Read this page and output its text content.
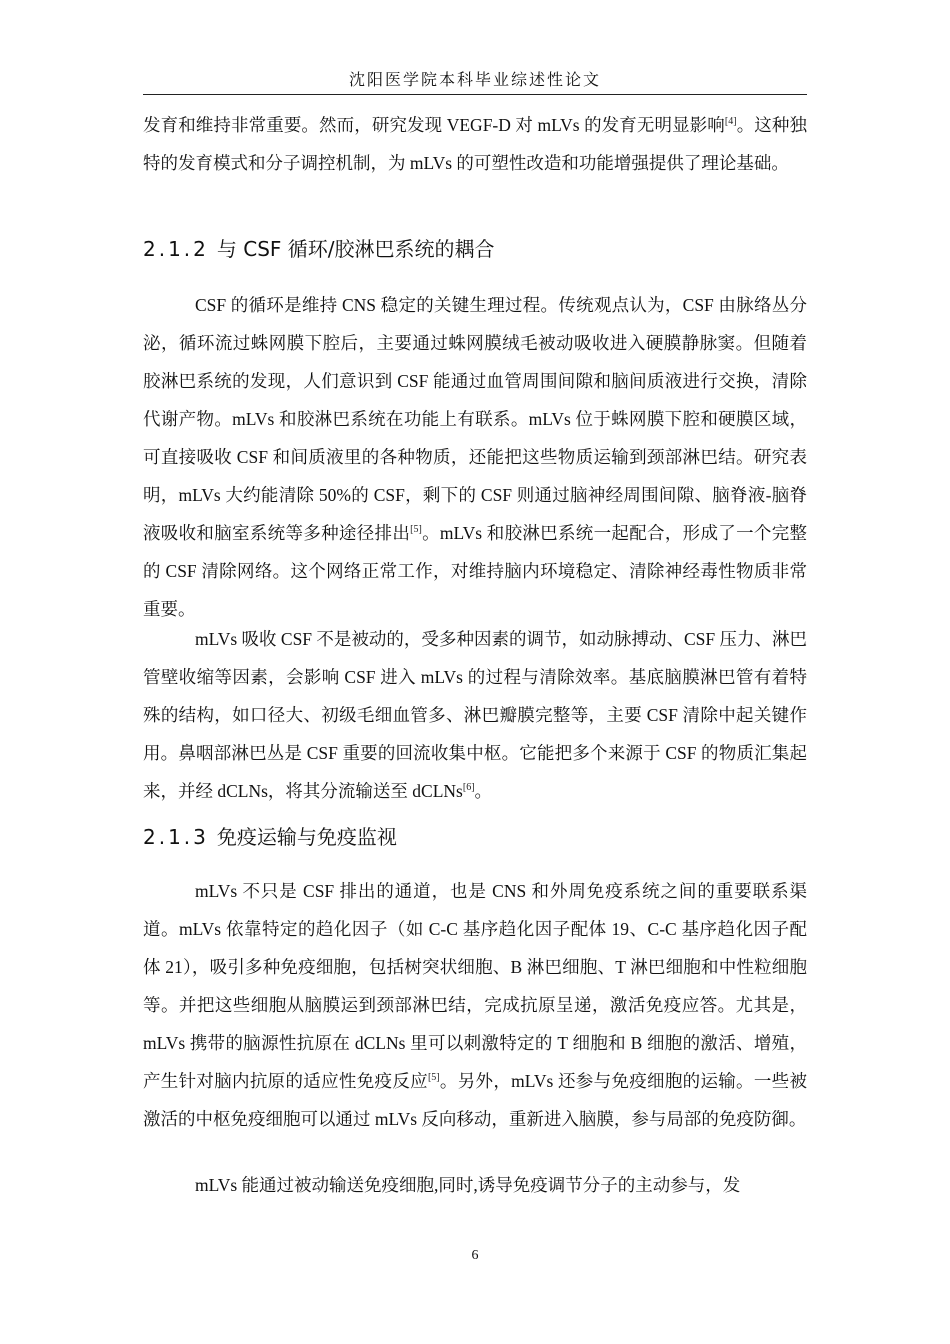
沈阳医学院本科毕业综述性论文
发育和维持非常重要。然而，研究发现 VEGF-D 对 mLVs 的发育无明显影响[4]。这种独特的发育模式和分子调控机制，为 mLVs 的可塑性改造和功能增强提供了理论基础。
2.1.2 与 CSF 循环/胶淋巴系统的耦合
CSF 的循环是维持 CNS 稳定的关键生理过程。传统观点认为，CSF 由脉络丛分泌，循环流过蛛网膜下腔后，主要通过蛛网膜绒毛被动吸收进入硬膜静脉窦。但随着胶淋巴系统的发现，人们意识到 CSF 能通过血管周围间隙和脑间质液进行交换，清除代谢产物。mLVs 和胶淋巴系统在功能上有联系。mLVs 位于蛛网膜下腔和硬膜区域，可直接吸收 CSF 和间质液里的各种物质，还能把这些物质运输到颈部淋巴结。研究表明，mLVs 大约能清除 50%的 CSF，剩下的 CSF 则通过脑神经周围间隙、脑脊液-脑脊液吸收和脑室系统等多种途径排出[5]。mLVs 和胶淋巴系统一起配合，形成了一个完整的 CSF 清除网络。这个网络正常工作，对维持脑内环境稳定、清除神经毒性物质非常重要。
mLVs 吸收 CSF 不是被动的，受多种因素的调节，如动脉搏动、CSF 压力、淋巴管壁收缩等因素，会影响 CSF 进入 mLVs 的过程与清除效率。基底脑膜淋巴管有着特殊的结构，如口径大、初级毛细血管多、淋巴瓣膜完整等，主要 CSF 清除中起关键作用。鼻咽部淋巴丛是 CSF 重要的回流收集中枢。它能把多个来源于 CSF 的物质汇集起来，并经 dCLNs，将其分流输送至 dCLNs[6]。
2.1.3 免疫运输与免疫监视
mLVs 不只是 CSF 排出的通道，也是 CNS 和外周免疫系统之间的重要联系渠道。mLVs 依靠特定的趋化因子（如 C-C 基序趋化因子配体 19、C-C 基序趋化因子配体 21），吸引多种免疫细胞，包括树突状细胞、B 淋巴细胞、T 淋巴细胞和中性粒细胞等。并把这些细胞从脑膜运到颈部淋巴结，完成抗原呈递，激活免疫应答。尤其是，mLVs 携带的脑源性抗原在 dCLNs 里可以刺激特定的 T 细胞和 B 细胞的激活、增殖，产生针对脑内抗原的适应性免疫反应[5]。另外，mLVs 还参与免疫细胞的运输。一些被激活的中枢免疫细胞可以通过 mLVs 反向移动，重新进入脑膜，参与局部的免疫防御。
mLVs 能通过被动输送免疫细胞,同时,诱导免疫调节分子的主动参与，发
6
